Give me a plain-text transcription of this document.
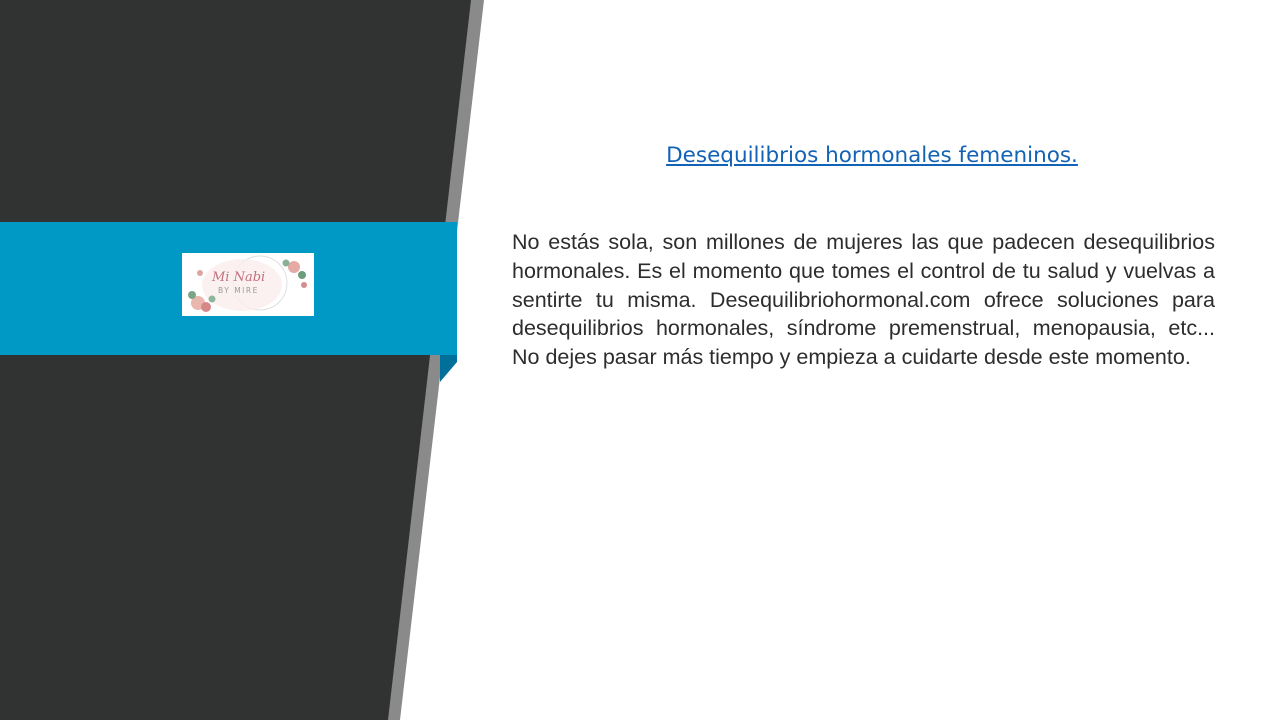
Mi Nabi
BY MIRE
Desequilibrios hormonales femeninos.

No estás sola, son millones de mujeres las que padecen desequilibrios hormonales. Es el momento que tomes el control de tu salud y vuelvas a sentirte tu misma. Desequilibriohormonal.com ofrece soluciones para desequilibrios hormonales, síndrome premenstrual, menopausia, etc... No dejes pasar más tiempo y empieza a cuidarte desde este momento.
